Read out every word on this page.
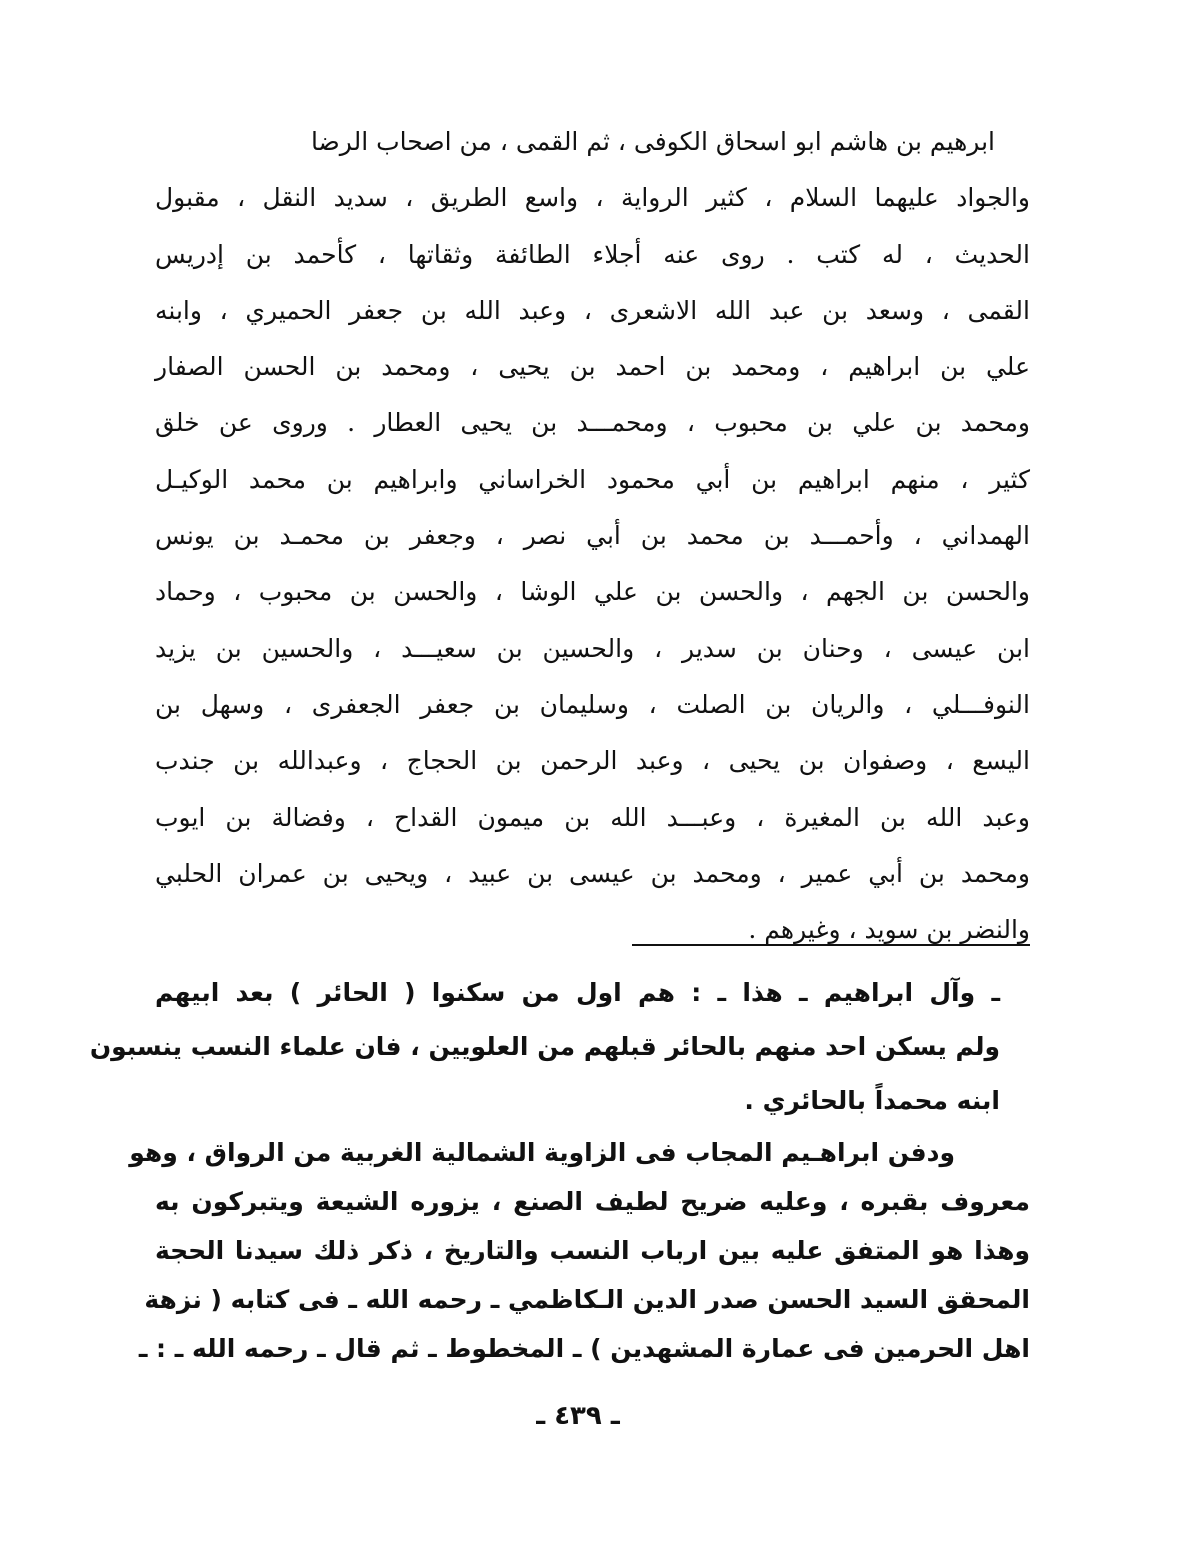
ابرهيم بن هاشم ابو اسحاق الكوفى ، ثم القمى ، من اصحاب الرضا
والجواد عليهما السلام ، كثير الرواية ، واسع الطريق ، سديد النقل ، مقبول
الحديث ، له كتب . روى عنه أجلاء الطائفة وثقاتها ، كأحمد بن إدريس
القمى ، وسعد بن عبد الله الاشعرى ، وعبد الله بن جعفر الحميري ، وابنه
علي بن ابراهيم ، ومحمد بن احمد بن يحيى ، ومحمد بن الحسن الصفار
ومحمد بن علي بن محبوب ، ومحمـــد بن يحيى العطار . وروى عن خلق
كثير ، منهم ابراهيم بن أبي محمود الخراساني وابراهيم بن محمد الوكيـل
الهمداني ، وأحمـــد بن محمد بن أبي نصر ، وجعفر بن محمـد بن يونس
والحسن بن الجهم ، والحسن بن علي الوشا ، والحسن بن محبوب ، وحماد
ابن عيسى ، وحنان بن سدير ، والحسين بن سعيـــد ، والحسين بن يزيد
النوفـــلي ، والريان بن الصلت ، وسليمان بن جعفر الجعفرى ، وسهل بن
اليسع ، وصفوان بن يحيى ، وعبد الرحمن بن الحجاج ، وعبدالله بن جندب
وعبد الله بن المغيرة ، وعبـــد الله بن ميمون القداح ، وفضالة بن ايوب
ومحمد بن أبي عمير ، ومحمد بن عيسى بن عبيد ، ويحيى بن عمران الحلبي
والنضر بن سويد ، وغيرهم .
ـ وآل ابراهيم ـ هذا ـ : هم اول من سكنوا ( الحائر ) بعد ابيهم
ولم يسكن احد منهم بالحائر قبلهم من العلويين ، فان علماء النسب ينسبون
ابنه محمداً بالحائري .
ودفن ابراهـيم المجاب فى الزاوية الشمالية الغربية من الرواق ، وهو
معروف بقبره ، وعليه ضريح لطيف الصنع ، يزوره الشيعة ويتبركون به
وهذا هو المتفق عليه بين ارباب النسب والتاريخ ، ذكر ذلك سيدنا الحجة
المحقق السيد الحسن صدر الدين الـكاظمي ـ رحمه الله ـ فى كتابه ( نزهة
اهل الحرمين فى عمارة المشهدين ) ـ المخطوط ـ ثم قال ـ رحمه الله ـ : ـ
ـ ٤٣٩ ـ
